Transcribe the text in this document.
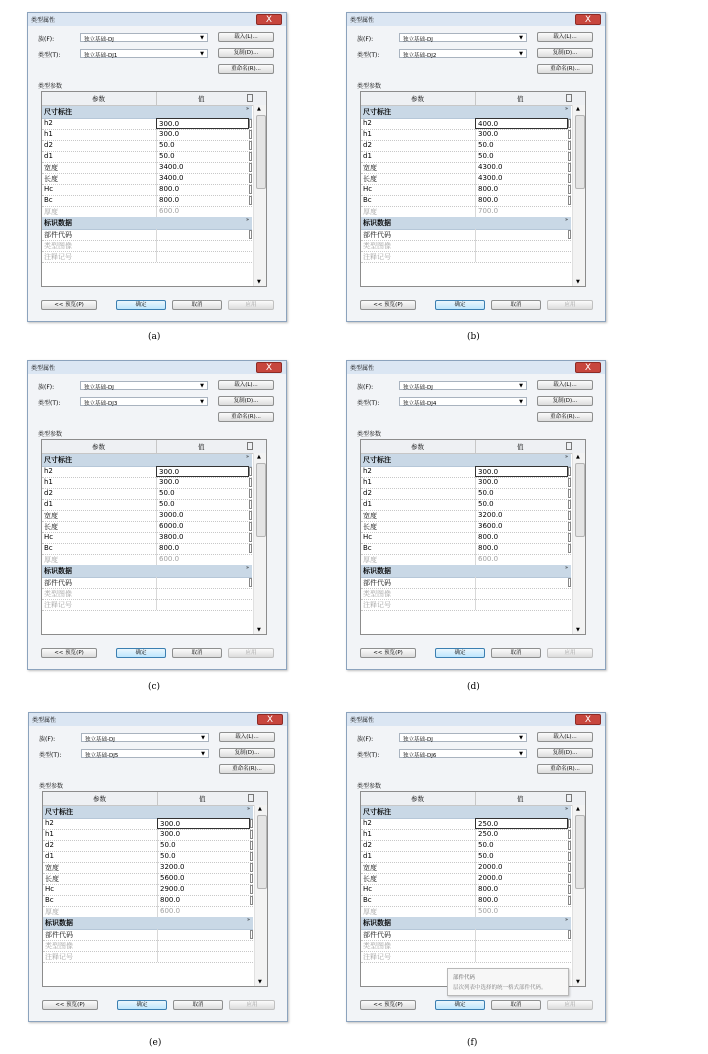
类型属性	X
族(F):	独立基础-DJ	▼	载入(L)...
类型(T):	独立基础-DJ1	▼	复制(D)...
重命名(R)...
类型参数
参数	值
尺寸标注	»
h2	300.0
h1	300.0
d2	50.0
d1	50.0
宽度	3400.0
长度	3400.0
Hc	800.0
Bc	800.0
厚度	600.0
标识数据	»
部件代码
类型图像
注释记号
▲
▼
<< 预览(P)	确定	取消	应用
(a)
类型属性	X
族(F):	独立基础-DJ	▼	载入(L)...
类型(T):	独立基础-DJ2	▼	复制(D)...
重命名(R)...
类型参数
参数	值
尺寸标注	»
h2	400.0
h1	300.0
d2	50.0
d1	50.0
宽度	4300.0
长度	4300.0
Hc	800.0
Bc	800.0
厚度	700.0
标识数据	»
部件代码
类型图像
注释记号
▲
▼
<< 预览(P)	确定	取消	应用
(b)
类型属性	X
族(F):	独立基础-DJ	▼	载入(L)...
类型(T):	独立基础-DJ3	▼	复制(D)...
重命名(R)...
类型参数
参数	值
尺寸标注	»
h2	300.0
h1	300.0
d2	50.0
d1	50.0
宽度	3000.0
长度	6000.0
Hc	3800.0
Bc	800.0
厚度	600.0
标识数据	»
部件代码
类型图像
注释记号
▲
▼
<< 预览(P)	确定	取消	应用
(c)
类型属性	X
族(F):	独立基础-DJ	▼	载入(L)...
类型(T):	独立基础-DJ4	▼	复制(D)...
重命名(R)...
类型参数
参数	值
尺寸标注	»
h2	300.0
h1	300.0
d2	50.0
d1	50.0
宽度	3200.0
长度	3600.0
Hc	800.0
Bc	800.0
厚度	600.0
标识数据	»
部件代码
类型图像
注释记号
▲
▼
<< 预览(P)	确定	取消	应用
(d)
类型属性	X
族(F):	独立基础-DJ	▼	载入(L)...
类型(T):	独立基础-DJ5	▼	复制(D)...
重命名(R)...
类型参数
参数	值
尺寸标注	»
h2	300.0
h1	300.0
d2	50.0
d1	50.0
宽度	3200.0
长度	5600.0
Hc	2900.0
Bc	800.0
厚度	600.0
标识数据	»
部件代码
类型图像
注释记号
▲
▼
<< 预览(P)	确定	取消	应用
(e)
类型属性	X
族(F):	独立基础-DJ	▼	载入(L)...
类型(T):	独立基础-DJ6	▼	复制(D)...
重命名(R)...
类型参数
参数	值
尺寸标注	»
h2	250.0
h1	250.0
d2	50.0
d1	50.0
宽度	2000.0
长度	2000.0
Hc	800.0
Bc	800.0
厚度	500.0
标识数据	»
部件代码
类型图像
注释记号
▲
▼
<< 预览(P)	确定	取消	应用
部件代码
层次列表中选择的统一格式部件代码。
(f)
